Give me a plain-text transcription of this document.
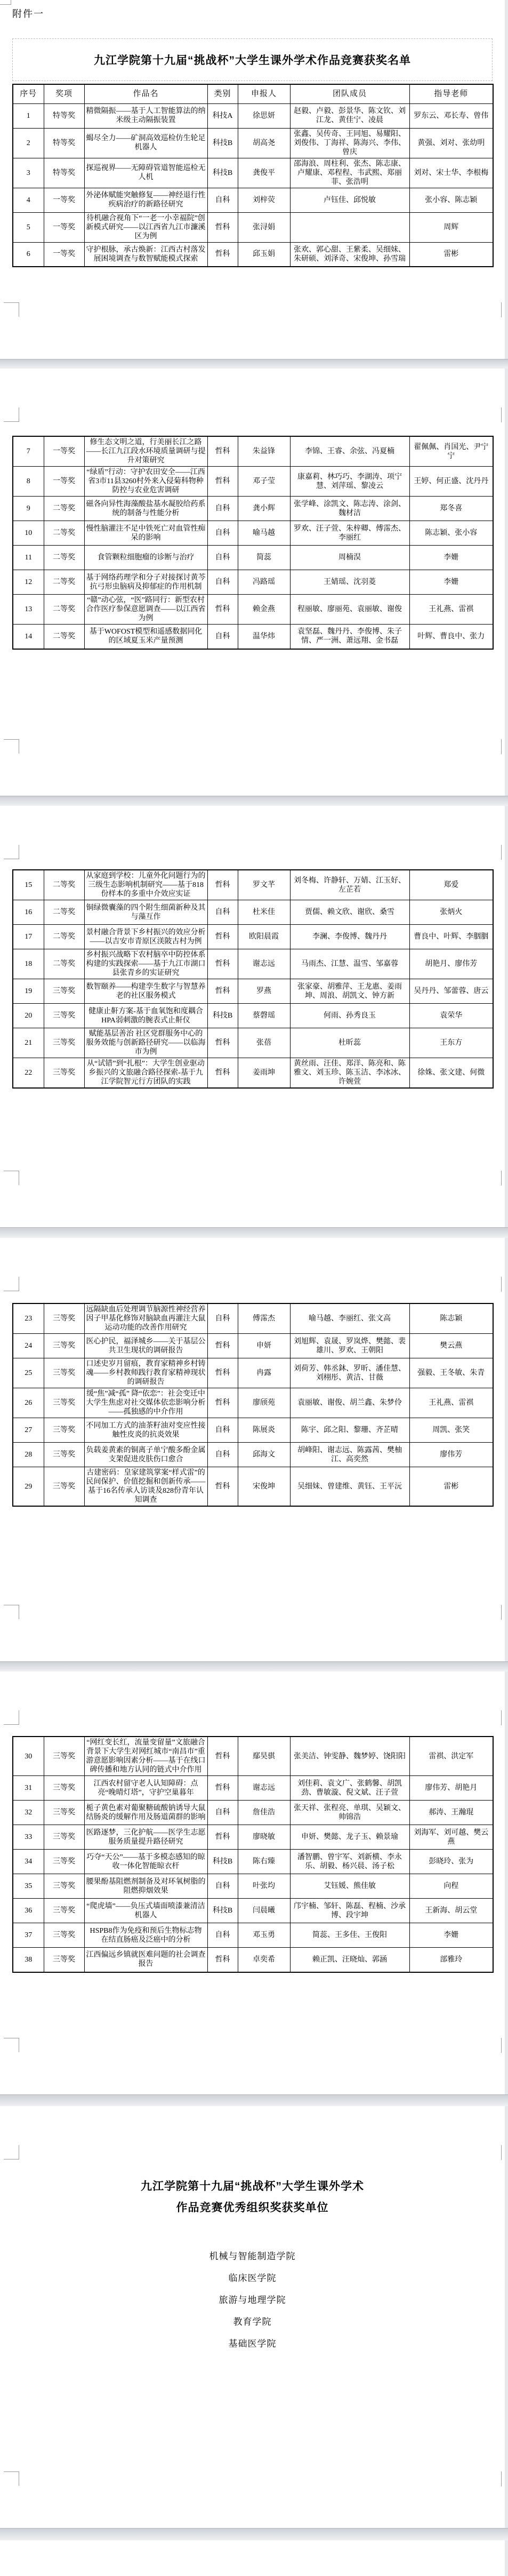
附件一
九江学院第十九届“挑战杯”大学生课外学术作品竞赛获奖名单
序号	奖项	作品名	类别	申报人	团队成员	指导老师
1	特等奖	精微隔振——基于人工智能算法的纳米级主动隔振装置	科技A	徐思妍	赵毅、卢毅、彭景华、陈文钦、刘江龙、黄佳宁、凌晨	罗东云、邓长寿、曾伟
2	特等奖	蝎尽全力——矿洞高效巡检仿生轮足机器人	科技B	胡高尧	张鑫、吴传奇、王同旭、易耀阳、刘俊伟、丁海祥、陈海兴、李伟、曾庆	黄强、刘对、张幼明
3	特等奖	探巡视界——无障碍管道智能巡检无人机	科技B	龚俊平	邵海浪、周柱利、张杰、陈志康、卢耀康、邓程程、韦武熙、郑丽菲、张浩明	刘对、宋士华、李根梅
4	一等奖	外泌体赋能突触修复——神经退行性疾病治疗的新路径研究	自科	刘梓荧	卢钰佳、邱悦敏	张小容、陈志颖
5	一等奖	待机融合视角下“一老一小幸福院”创新模式研究——以江西省九江市濂溪区为例	哲科	张浔娟		周辉
6	一等奖	守护根脉，承古焕新：江西古村落发展困境调查与数智赋能模式探索	哲科	邱玉娟	张欢、郭心甜、王紫柔、吴细妹、朱研硕、刘泽奇、宋俊坤、孙雪瑞	雷彬
7	一等奖	修生态文明之道，行美丽长江之路——长江九江段水环境质量调研与提升对策研究	哲科	朱益锋	李锦、王睿、余弦、冯夏楠	翟佩佩、肖国光、尹宁宁
8	一等奖	“绿盾”行动：守护农田安全——江西省3市11县3260村外来入侵菊科物种防控与农业危害调研	哲科	邓子莹	康嘉莉、林巧巧、李湖涛、项宁慧、刘萍瑶、黎凌云	王婷、何正盛、沈丹丹
9	二等奖	磁各向异性海藻酸盐基水凝胶给药系统的制备与性能分析	自科	龚小辉	张学峰、涂凯文、陈志涛、涂剑、魏材洁	郑冬喜
10	二等奖	慢性脑灌注不足中铁死亡对血管性痴呆的影响	自科	喻马越	罗欢、汪子萱、朱梓卿、傅霈杰、李丽红	陈志颖、张小容
11	二等奖	食管颗粒细胞瘤的诊断与治疗	自科	简蕊	周楠淏	李姗
12	二等奖	基于网络药理学和分子对接探讨黄芩抗弓形虫脑病及抑郁症的作用机制	自科	冯路瑶	王婧瑶、沈羽菱	李姗
13	二等奖	“赣”动心弦，“医”路同行：新型农村合作医疗参保意愿调查——以江西省为例	哲科	赖金燕	程丽敏、廖丽苑、袁丽敏、谢俊	王礼燕、雷祺
14	二等奖	基于WOFOST模型和遥感数据同化的区域夏玉米产量预测	自科	温华炜	袁坚磊、魏丹丹、李俊博、朱子情、严一洲、萧远翔、金书磊	叶辉、曹良中、张力
15	二等奖	从家庭到学校：儿童外化问题行为的三级生态影响机制研究——基于818份样本的多重中介效应实证	哲科	罗文芊	刘冬梅、许静轩、万婧、江玉好、左芷若	郑爱
16	二等奖	铜绿微囊藻的四个附生细菌新种及其与藻互作	自科	杜米佳	贾儒、赖文欣、谢欣、桑雪	张炳火
17	二等奖	景村融合背景下乡村振兴的效应分析——以吉安市青原区渼陂古村为例	哲科	欧阳晨霞	李澜、李俊博、魏丹丹	曹良中、叶辉、李胭胭
18	二等奖	乡村振兴战略下农村脑卒中防控体系构建的实践探索——基于九江市湖口县张青乡的实证研究	哲科	谢志远	马雨杰、江慧、温雪、邹嘉蓉	胡艳月、廖伟芳
19	三等奖	数智颐养——构建孪生数字与智慧养老的社区服务模式	哲科	罗燕	张家豪、胡雅萍、王龙惠、姜雨坤、周浪、胡凯文、钟方新	吴丹丹、邹蕾蓉、唐云
20	三等奖	健康止鼾方案-基于血氧饱和度耦合HPA弱刺激的腕表式止鼾仪	科技B	蔡磬瑶	何雨、孙秀良玉	袁荣华
21	三等奖	赋能基层善治 社区党群服务中心的服务效能与创新路径研究——以临海市为例	哲科	张蓓	杜昕蕊	王东方
22	三等奖	从“试错”到“扎根”：大学生创业驱动乡振兴的文旅融合路径探索-基于九江学院智元行方团队的实践	哲科	姜雨坤	黄丝雨、汪佳、郑洋、陈亮和、陈雅文、刘玉珍、陈玉洁、李冰冰、许婉萱	徐姝、张文建、何微
23	三等奖	远隔缺血后处理调节脑源性神经营养因子甲基化修饰对脑缺血再灌注大鼠运动功能的改善作用研究	自科	傅霈杰	喻马越、李丽红、张文高	陈志颖
24	三等奖	医心护民，福泽城乡——关于基层公共卫生现状的调研报告	哲科	申妍	刘旭辉、袁晟、罗岚烨、樊懿、裴雄川、罗欢、王朝阳	樊云燕
25	三等奖	口述史岁月留痕，教育家精神乡村铸魂——乡村教师践行教育家精神现状的调研报告	哲科	冉露	刘荷芳、韩丞鈢、罗昕、潘佳慧、刘栩彤、黄洁、甘薇	强毅、王冬敏、朱青
26	三等奖	缓“焦”减“孤” 降“依恋”：社会变迁中大学生焦虑对社交媒体依恋影响分析——孤独感的中介作用	哲科	廖颀苑	袁丽敏、谢俊、胡兰鑫、朱梦伶	王礼燕、雷祺
27	三等奖	不同加工方式的油茶籽油对变应性接触性皮炎的抗炎效果	自科	陈展炎	陈宇、邱之阳、黎珊、齐芷晴	周凯、张笑
28	三等奖	负载姜黄素的铜离子单宁酸多酚金属支架促进皮肤伤口愈合	自科	邱海文	胡峰阳、谢志远、陈露茜、樊柚江、高奕然	廖伟芳
29	三等奖	古建密码：皇家建筑掌案“样式雷”的民间保护、价值挖掘和创新传承——基于16名传承人访谈及828份青年认知调查	哲科	宋俊坤	吴细妹、曾建维、黄钰、王平沅	雷彬
30	三等奖	“网红变长红，流量变留量”文旅融合背景下大学生对网红城市“南昌市”重游意愿影响因素分析——基于在线口碑传播和地方认同的链式中介作用	哲科	鄢昊骐	张美洁、钟雯静、魏梦婷、饶阳阳	雷祺、洪定军
31	三等奖	江西农村留守老人认知障碍：点亮“晚晴灯塔”，守护空巢暮年	哲科	谢志远	刘佳莉、袁文广、张鹤馨、胡凯劲、曹敏漩、倪文斌、汪子萱	廖伟芳、胡艳月
32	三等奖	栀子黄色素对葡聚糖硫酸钠诱导大鼠结肠炎的缓解作用及肠道菌群的影响	自科	詹佳浩	张天祥、张程亮、单琪、吴颖文、帅锦浩	郝涛、王瀚琨
33	三等奖	医路逐梦，三化护航——医学生志愿服务质量提升路径研究	哲科	廖晓敏	申妍、樊懿、龙子玉、赖景瑜	刘海军、刘可越、樊云燕
34	三等奖	巧夺“天公”——基于多模态感知的晾收一体化智能晾衣杆	科技B	陈右臻	潘智鹏、曾宇军、刘新横、李永乐、胡毅、杨兴晨、汤子松	彭晓玲、张为
35	三等奖	腰果酚基阻燃剂制备及对环氧树脂的阻燃抑烟效果	自科	叶张均	艾钰媛、熊佳敏	向程
36	三等奖	“爬虎墙”——负压式墙面喷漆兼清洁机器人	科技B	闫晨曦	邝宇楠、邹轩、陈磊、程楠、沙承博、段宇坤	王新海、胡云堂
37	三等奖	HSPB8作为免疫和预后生物标志物在结直肠癌及泛癌中的分析	自科	邓玉勇	简蕊、王多佳、王俊阳	李姗
38	三等奖	江西偏远乡镇就医难问题的社会调查报告	哲科	卓奕希	赖正凯、汪晓灿、郭涵	部雅玲
九江学院第十九届“挑战杯”大学生课外学术
作品竞赛优秀组织奖获奖单位
机械与智能制造学院
临床医学院
旅游与地理学院
教育学院
基础医学院
